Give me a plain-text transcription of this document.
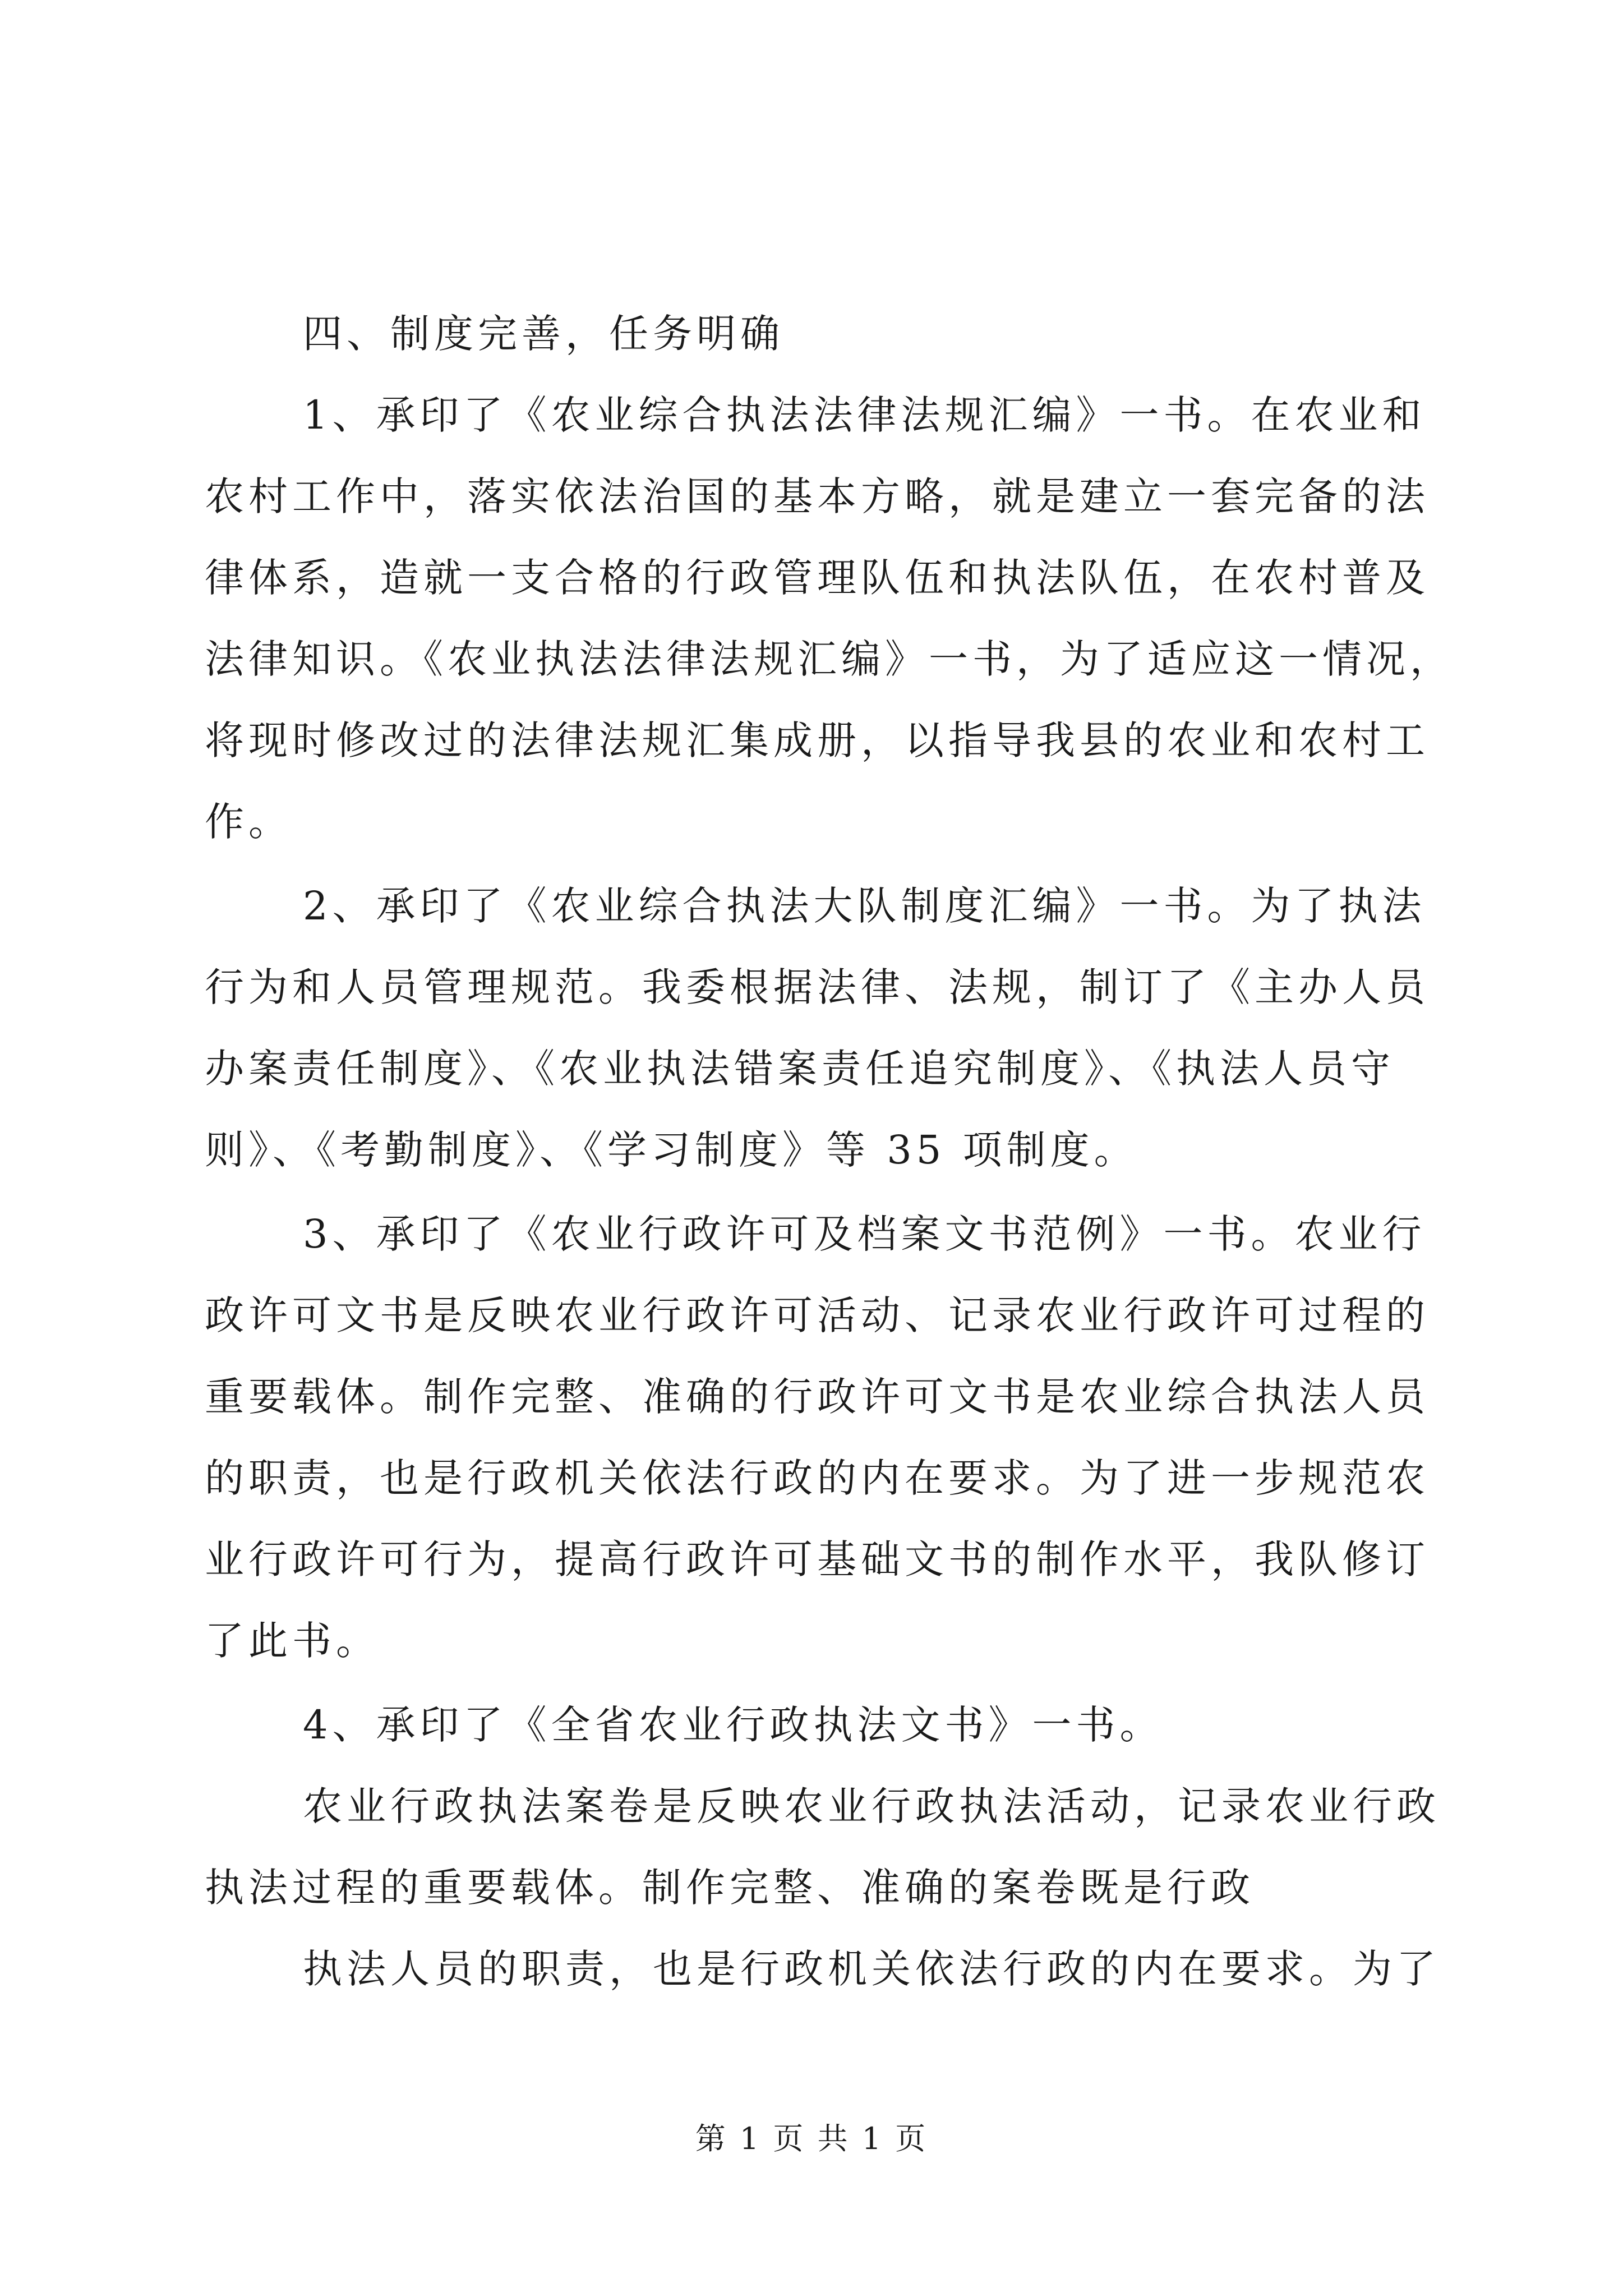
四、制度完善，任务明确

1、承印了《农业综合执法法律法规汇编》一书。在农业和

农村工作中，落实依法治国的基本方略，就是建立一套完备的法

律体系，造就一支合格的行政管理队伍和执法队伍，在农村普及

法律知识。《农业执法法律法规汇编》一书，为了适应这一情况，

将现时修改过的法律法规汇集成册，以指导我县的农业和农村工

作。

2、承印了《农业综合执法大队制度汇编》一书。为了执法

行为和人员管理规范。我委根据法律、法规，制订了《主办人员

办案责任制度》、《农业执法错案责任追究制度》、《执法人员守

则》、《考勤制度》、《学习制度》等 35 项制度。

3、承印了《农业行政许可及档案文书范例》一书。农业行

政许可文书是反映农业行政许可活动、记录农业行政许可过程的

重要载体。制作完整、准确的行政许可文书是农业综合执法人员

的职责，也是行政机关依法行政的内在要求。为了进一步规范农

业行政许可行为，提高行政许可基础文书的制作水平，我队修订

了此书。

4、承印了《全省农业行政执法文书》一书。

农业行政执法案卷是反映农业行政执法活动，记录农业行政

执法过程的重要载体。制作完整、准确的案卷既是行政

执法人员的职责，也是行政机关依法行政的内在要求。为了

第 1 页 共 1 页
